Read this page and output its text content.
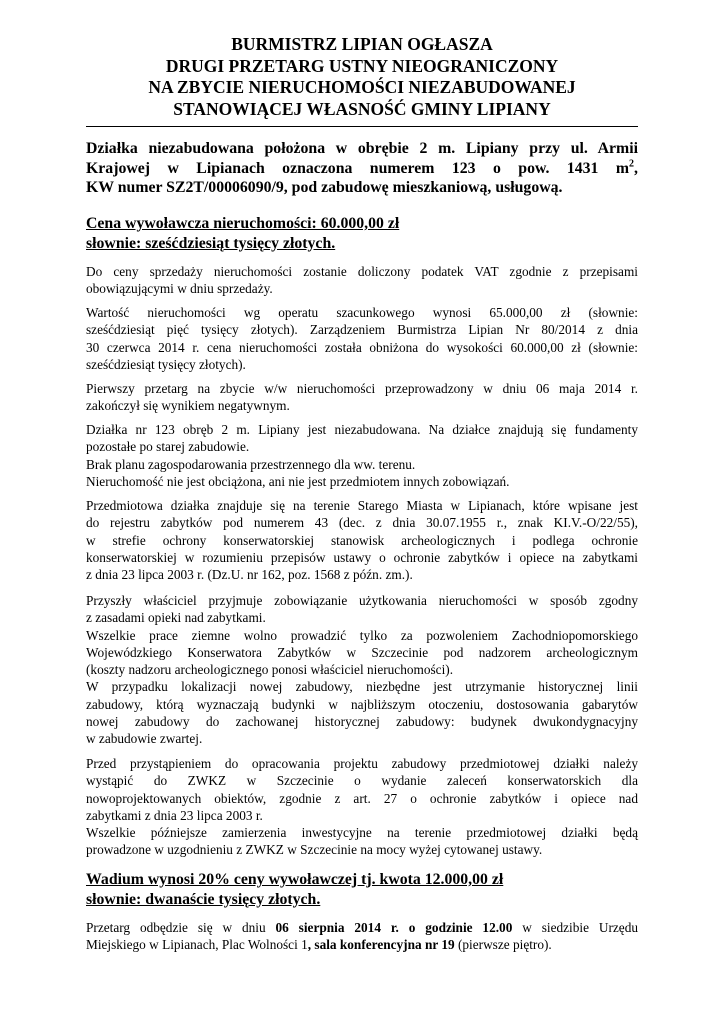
BURMISTRZ LIPIAN OGŁASZA
DRUGI PRZETARG USTNY NIEOGRANICZONY
NA ZBYCIE NIERUCHOMOŚCI NIEZABUDOWANEJ
STANOWIĄCEJ WŁASNOŚĆ GMINY LIPIANY
Działka niezabudowana położona w obrębie 2 m. Lipiany przy ul. Armii
Krajowej w Lipianach oznaczona numerem 123 o pow. 1431 $m^2$,
KW numer SZ2T/00006090/9, pod zabudowę mieszkaniową, usługową.
Cena wywoławcza nieruchomości: 60.000,00 zł
słownie: sześćdziesiąt tysięcy złotych.
Do ceny sprzedaży nieruchomości zostanie doliczony podatek VAT zgodnie z przepisami
obowiązującymi w dniu sprzedaży.
Wartość nieruchomości wg operatu szacunkowego wynosi 65.000,00 zł (słownie:
sześćdziesiąt pięć tysięcy złotych). Zarządzeniem Burmistrza Lipian Nr 80/2014 z dnia
30 czerwca 2014 r. cena nieruchomości została obniżona do wysokości 60.000,00 zł (słownie:
sześćdziesiąt tysięcy złotych).
Pierwszy przetarg na zbycie w/w nieruchomości przeprowadzony w dniu 06 maja 2014 r.
zakończył się wynikiem negatywnym.
Działka nr 123 obręb 2 m. Lipiany jest niezabudowana. Na działce znajdują się fundamenty
pozostałe po starej zabudowie.
Brak planu zagospodarowania przestrzennego dla ww. terenu.
Nieruchomość nie jest obciążona, ani nie jest przedmiotem innych zobowiązań.
Przedmiotowa działka znajduje się na terenie Starego Miasta w Lipianach, które wpisane jest
do rejestru zabytków pod numerem 43 (dec. z dnia 30.07.1955 r., znak KI.V.-O/22/55),
w strefie ochrony konserwatorskiej stanowisk archeologicznych i podlega ochronie
konserwatorskiej w rozumieniu przepisów ustawy o ochronie zabytków i opiece na zabytkami
z dnia 23 lipca 2003 r. (Dz.U. nr 162, poz. 1568 z późn. zm.).
Przyszły właściciel przyjmuje zobowiązanie użytkowania nieruchomości w sposób zgodny
z zasadami opieki nad zabytkami.
Wszelkie prace ziemne wolno prowadzić tylko za pozwoleniem Zachodniopomorskiego
Wojewódzkiego Konserwatora Zabytków w Szczecinie pod nadzorem archeologicznym
(koszty nadzoru archeologicznego ponosi właściciel nieruchomości).
W przypadku lokalizacji nowej zabudowy, niezbędne jest utrzymanie historycznej linii
zabudowy, którą wyznaczają budynki w najbliższym otoczeniu, dostosowania gabarytów
nowej zabudowy do zachowanej historycznej zabudowy: budynek dwukondygnacyjny
w zabudowie zwartej.
Przed przystąpieniem do opracowania projektu zabudowy przedmiotowej działki należy
wystąpić do ZWKZ w Szczecinie o wydanie zaleceń konserwatorskich dla
nowoprojektowanych obiektów, zgodnie z art. 27 o ochronie zabytków i opiece nad
zabytkami z dnia 23 lipca 2003 r.
Wszelkie późniejsze zamierzenia inwestycyjne na terenie przedmiotowej działki będą
prowadzone w uzgodnieniu z ZWKZ w Szczecinie na mocy wyżej cytowanej ustawy.
Wadium wynosi 20% ceny wywoławczej tj. kwota 12.000,00 zł
słownie: dwanaście tysięcy złotych.
Przetarg odbędzie się w dniu 06 sierpnia 2014 r. o godzinie 12.00 w siedzibie Urzędu
Miejskiego w Lipianach, Plac Wolności 1, sala konferencyjna nr 19 (pierwsze piętro).
